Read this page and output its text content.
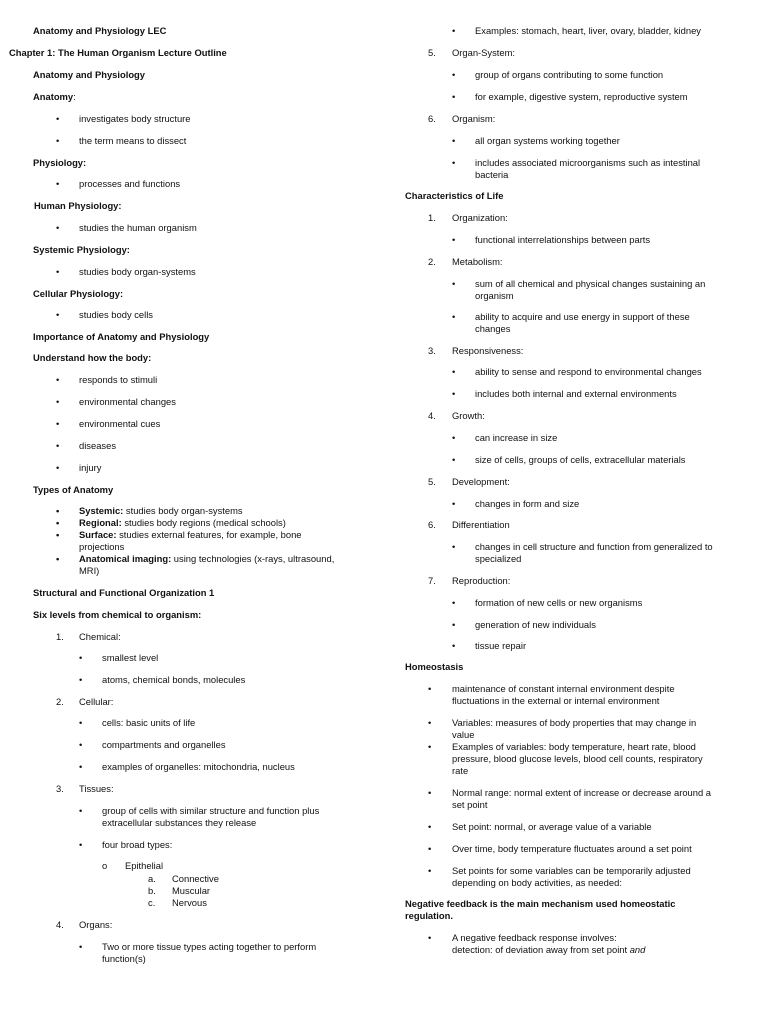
Anatomy and Physiology LEC
Chapter 1: The Human Organism Lecture Outline
Anatomy and Physiology
Anatomy:
• investigates body structure
• the term means to dissect
Physiology:
• processes and functions
Human Physiology:
• studies the human organism
Systemic Physiology:
• studies body organ-systems
Cellular Physiology:
• studies body cells
Importance of Anatomy and Physiology
Understand how the body:
• responds to stimuli
• environmental changes
• environmental cues
• diseases
• injury
Types of Anatomy
• Systemic: studies body organ-systems
• Regional: studies body regions (medical schools)
• Surface: studies external features, for example, bone
projections
• Anatomical imaging: using technologies (x-rays, ultrasound,
MRI)
Structural and Functional Organization 1
Six levels from chemical to organism:
1. Chemical:
• smallest level
• atoms, chemical bonds, molecules
2. Cellular:
• cells: basic units of life
• compartments and organelles
• examples of organelles: mitochondria, nucleus
3. Tissues:
• group of cells with similar structure and function plus
extracellular substances they release
• four broad types:
o Epithelial
a. Connective
b. Muscular
c. Nervous
4. Organs:
• Two or more tissue types acting together to perform
function(s)
• Examples: stomach, heart, liver, ovary, bladder, kidney
5. Organ-System:
• group of organs contributing to some function
• for example, digestive system, reproductive system
6. Organism:
• all organ systems working together
• includes associated microorganisms such as intestinal
bacteria
Characteristics of Life
1. Organization:
• functional interrelationships between parts
2. Metabolism:
• sum of all chemical and physical changes sustaining an
organism
• ability to acquire and use energy in support of these
changes
3. Responsiveness:
• ability to sense and respond to environmental changes
• includes both internal and external environments
4. Growth:
• can increase in size
• size of cells, groups of cells, extracellular materials
5. Development:
• changes in form and size
6. Differentiation
• changes in cell structure and function from generalized to
specialized
7. Reproduction:
• formation of new cells or new organisms
• generation of new individuals
• tissue repair
Homeostasis
• maintenance of constant internal environment despite
fluctuations in the external or internal environment
• Variables: measures of body properties that may change in
value
• Examples of variables: body temperature, heart rate, blood
pressure, blood glucose levels, blood cell counts, respiratory
rate
• Normal range: normal extent of increase or decrease around a
set point
• Set point: normal, or average value of a variable
• Over time, body temperature fluctuates around a set point
• Set points for some variables can be temporarily adjusted
depending on body activities, as needed:
Negative feedback is the main mechanism used homeostatic
regulation.
• A negative feedback response involves:
detection: of deviation away from set point and
